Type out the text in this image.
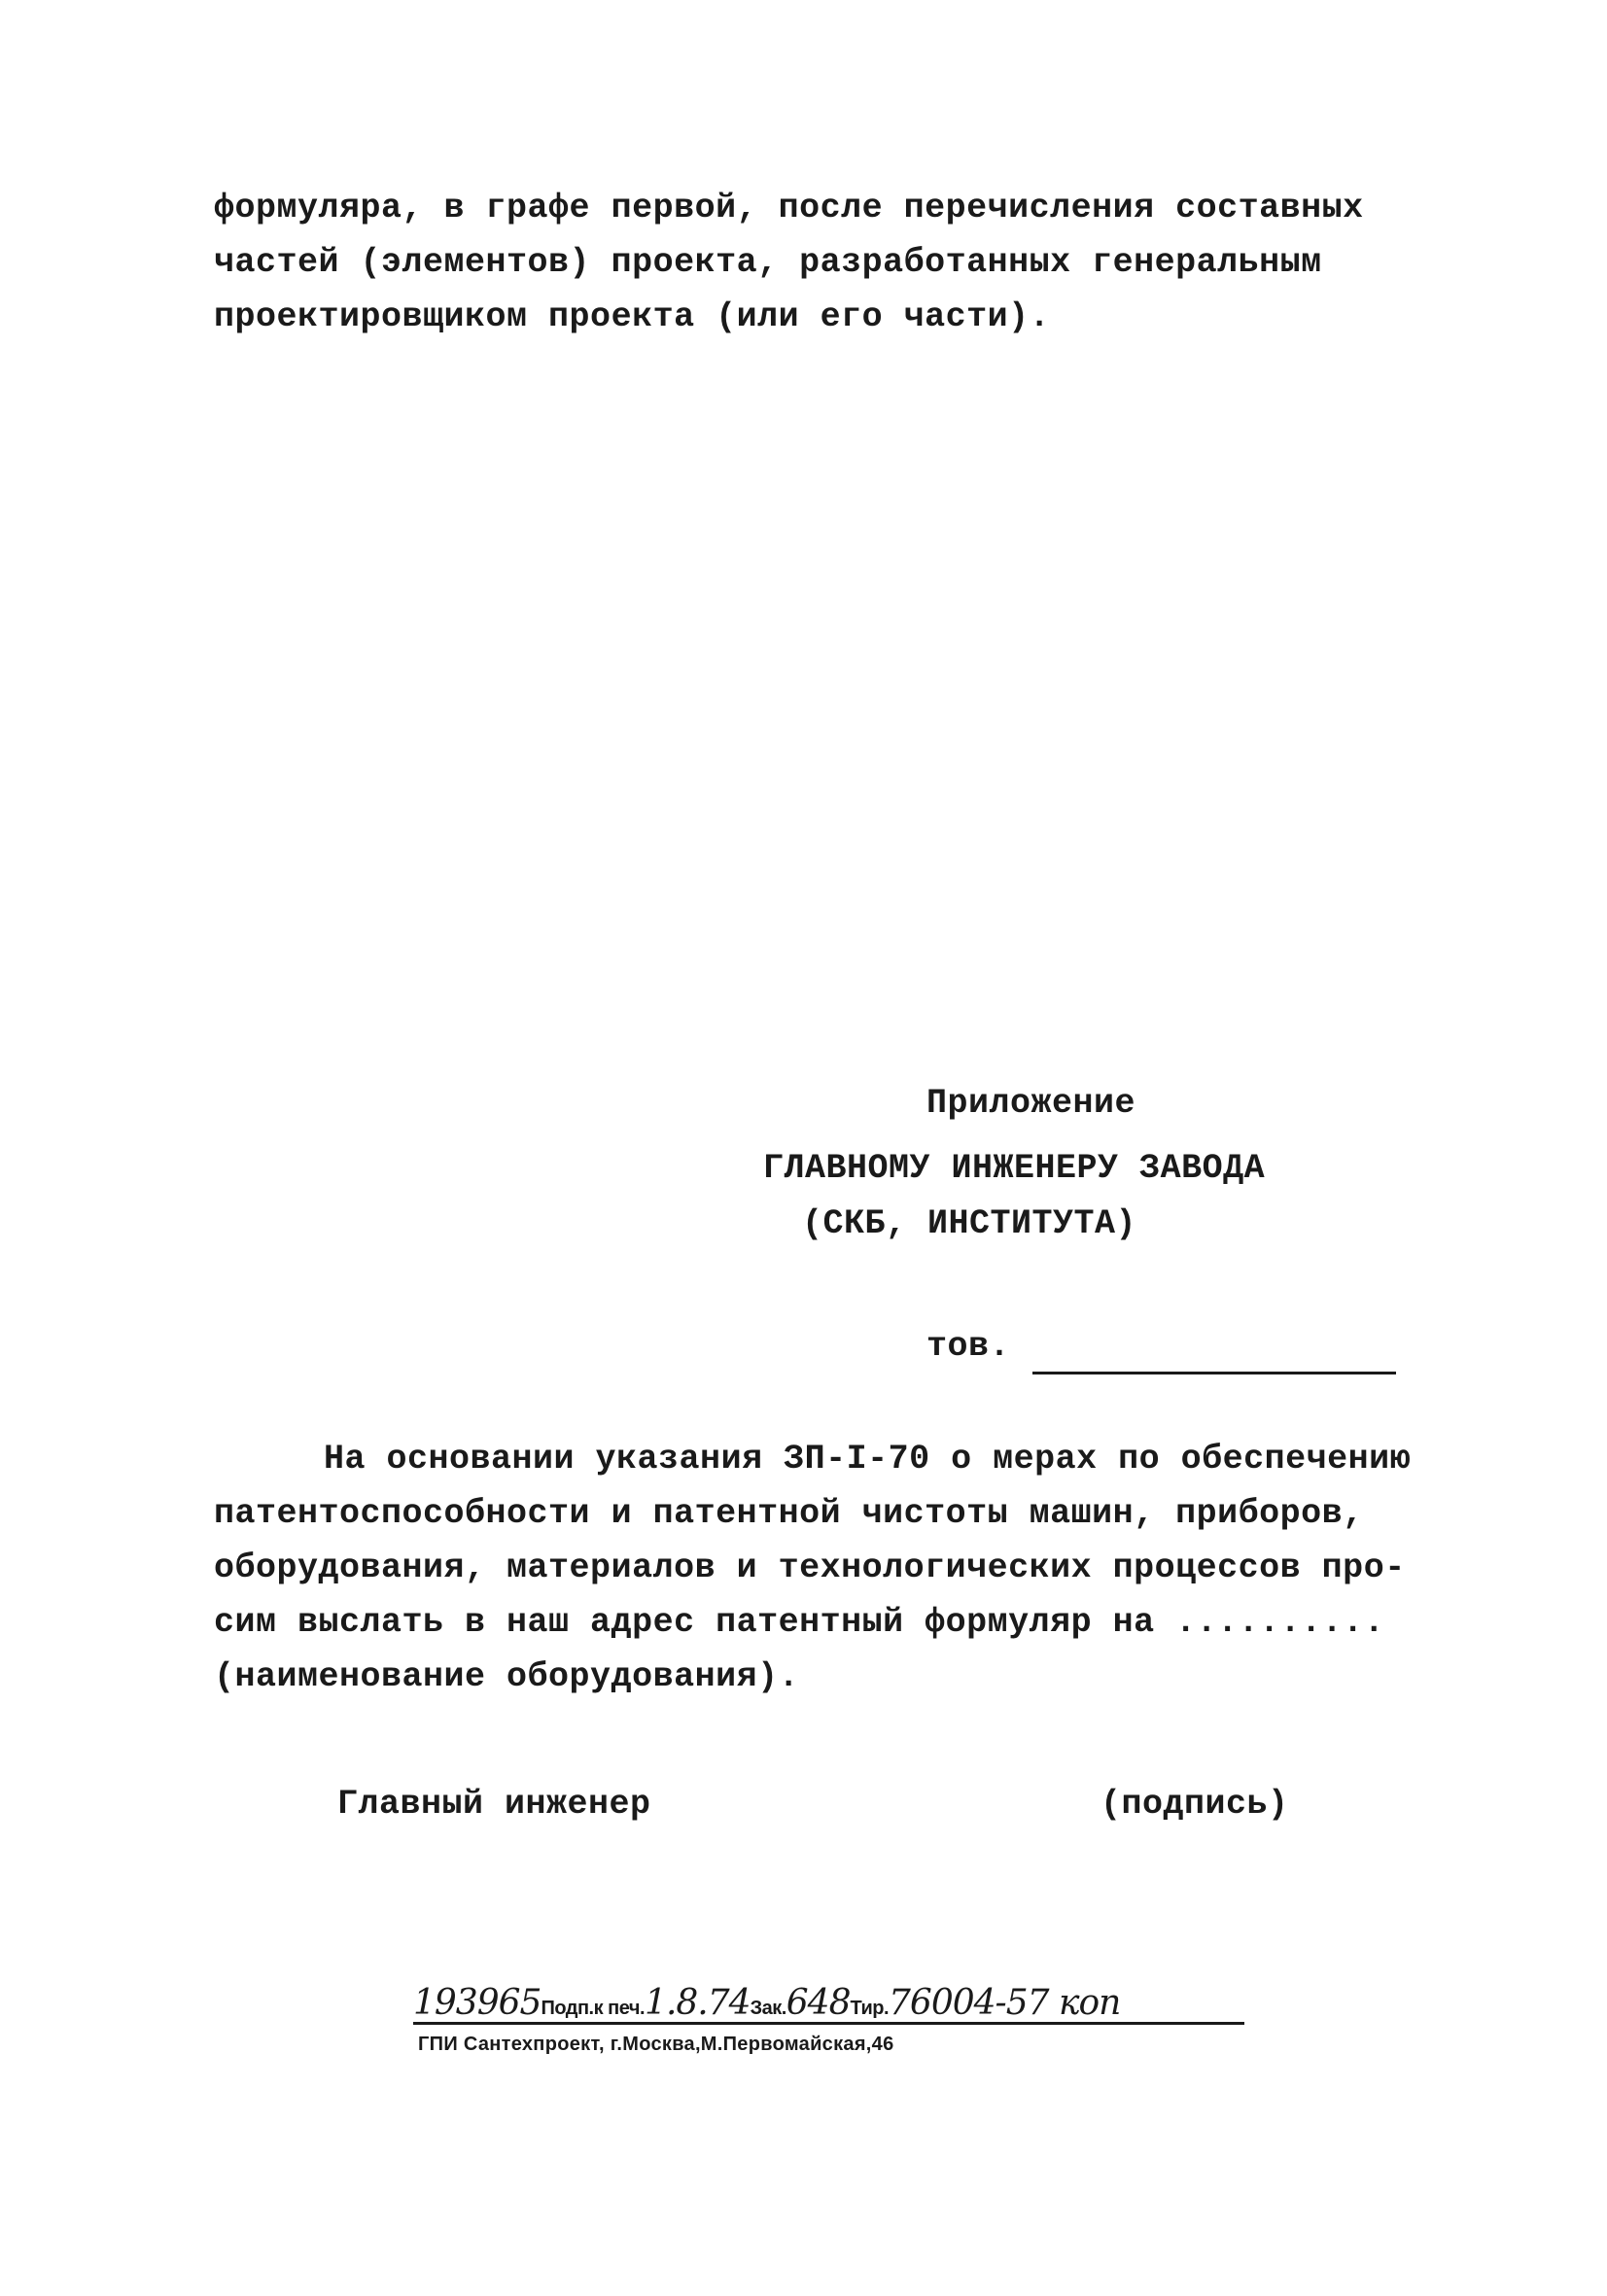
формуляра, в графе первой, после перечисления составных
частей (элементов) проекта, разработанных генеральным
проектировщиком проекта (или его части).
Приложение
ГЛАВНОМУ ИНЖЕНЕРУ ЗАВОДА
(СКБ, ИНСТИТУТА)
тов.
На основании указания ЗП-I-70 о мерах по обеспечению
патентоспособности и патентной чистоты машин, приборов,
оборудования, материалов и технологических процессов про-
сим выслать в наш адрес патентный формуляр на ..........
(наименование оборудования).
Главный инженер	(подпись)
193965Подп.к печ.1.8.74Зак.648Тир.76004-57 коп
ГПИ Сантехпроект, г.Москва,М.Первомайская,46
